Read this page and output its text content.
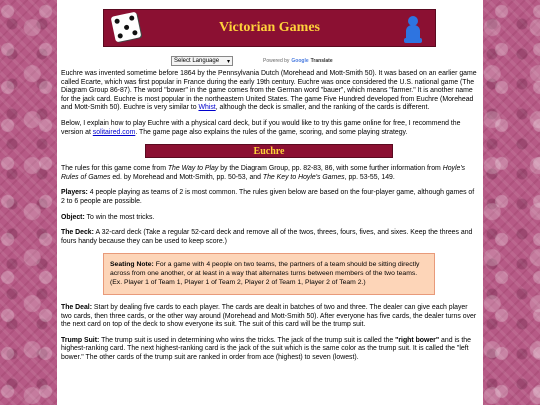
Victorian Games
Select Language ▾	Powered by Google Translate

Euchre was invented sometime before 1864 by the Pennsylvania Dutch (Morehead and Mott-Smith 50). It was based on an earlier game called Ecarte, which was first popular in France during the early 19th century. Euchre was once considered the U.S. national game (The Diagram Group 86-87). The word "bower" in the game comes from the German word "bauer", which means "farmer." It is another name for the jack card. Euchre is most popular in the northeastern United States. The game Five Hundred developed from Euchre (Morehead and Mott-Smith 50). Euchre is very similar to Whist, although the deck is smaller, and the ranking of the cards is different.

Below, I explain how to play Euchre with a physical card deck, but if you would like to try this game online for free, I recommend the version at solitaired.com. The game page also explains the rules of the game, scoring, and some playing strategy.

Euchre

The rules for this game come from The Way to Play by the Diagram Group, pp. 82-83, 86, with some further information from Hoyle's Rules of Games ed. by Morehead and Mott-Smith, pp. 50-53, and The Key to Hoyle's Games, pp. 53-55, 149.

Players: 4 people playing as teams of 2 is most common. The rules given below are based on the four-player game, although games of 2 to 6 people are possible.

Object: To win the most tricks.

The Deck: A 32-card deck (Take a regular 52-card deck and remove all of the twos, threes, fours, fives, and sixes. Keep the threes and fours handy because they can be used to keep score.)

Seating Note: For a game with 4 people on two teams, the partners of a team should be sitting directly across from one another, or at least in a way that alternates turns between members of the two teams. (Ex. Player 1 of Team 1, Player 1 of Team 2, Player 2 of Team 1, Player 2 of Team 2.)

The Deal: Start by dealing five cards to each player. The cards are dealt in batches of two and three. The dealer can give each player two cards, then three cards, or the other way around (Morehead and Mott-Smith 50). After everyone has five cards, the dealer turns over the next card on top of the deck to show everyone its suit. The suit of this card will be the trump suit.

Trump Suit: The trump suit is used in determining who wins the tricks. The jack of the trump suit is called the "right bower" and is the highest-ranking card. The next highest-ranking card is the jack of the suit which is the same color as the trump suit. It is called the "left bower." The other cards of the trump suit are ranked in order from ace (highest) to seven (lowest).
